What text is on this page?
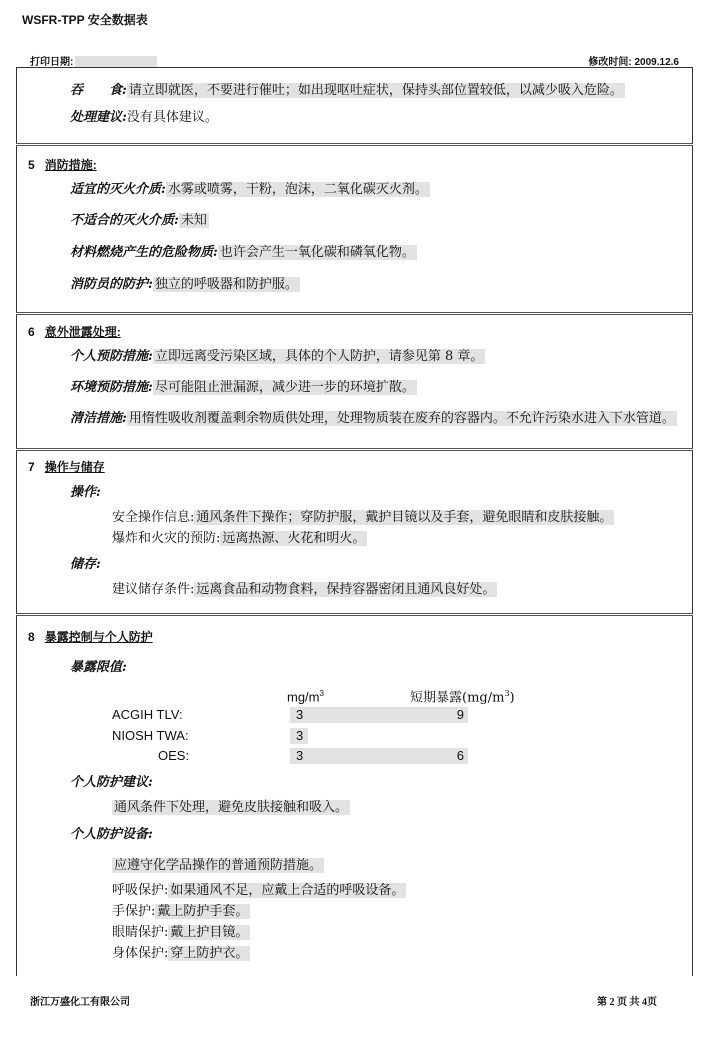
WSFR-TPP 安全数据表
打印日期:	修改时间: 2009.12.6
吞　　食: 请立即就医，不要进行催吐；如出现呕吐症状，保持头部位置较低，以减少吸入危险。
处理建议:没有具体建议。
5 消防措施:
适宜的灭火介质: 水雾或喷雾，干粉，泡沫，二氧化碳灭火剂。
不适合的灭火介质: 未知
材料燃烧产生的危险物质: 也许会产生一氧化碳和磷氧化物。
消防员的防护: 独立的呼吸器和防护服。
6 意外泄露处理:
个人预防措施: 立即远离受污染区域，具体的个人防护，请参见第 8 章。
环境预防措施: 尽可能阻止泄漏源，减少进一步的环境扩散。
清洁措施: 用惰性吸收剂覆盖剩余物质供处理，处理物质装在废弃的容器内。不允许污染水进入下水管道。
7 操作与储存
操作:
安全操作信息: 通风条件下操作；穿防护服，戴护目镜以及手套，避免眼睛和皮肤接触。
爆炸和火灾的预防: 远离热源、火花和明火。
储存:
建议储存条件: 远离食品和动物食料，保持容器密闭且通风良好处。
8 暴露控制与个人防护
暴露限值:
$mg/m^3$	短期暴露$(mg/m^3)$
ACGIH TLV:	3	9
NIOSH TWA:	3
OES:	3	6
个人防护建议:
通风条件下处理，避免皮肤接触和吸入。
个人防护设备:
应遵守化学品操作的普通预防措施。
呼吸保护: 如果通风不足，应戴上合适的呼吸设备。
手保护: 戴上防护手套。
眼睛保护: 戴上护目镜。
身体保护: 穿上防护衣。
浙江万盛化工有限公司	第 2 页 共 4页
